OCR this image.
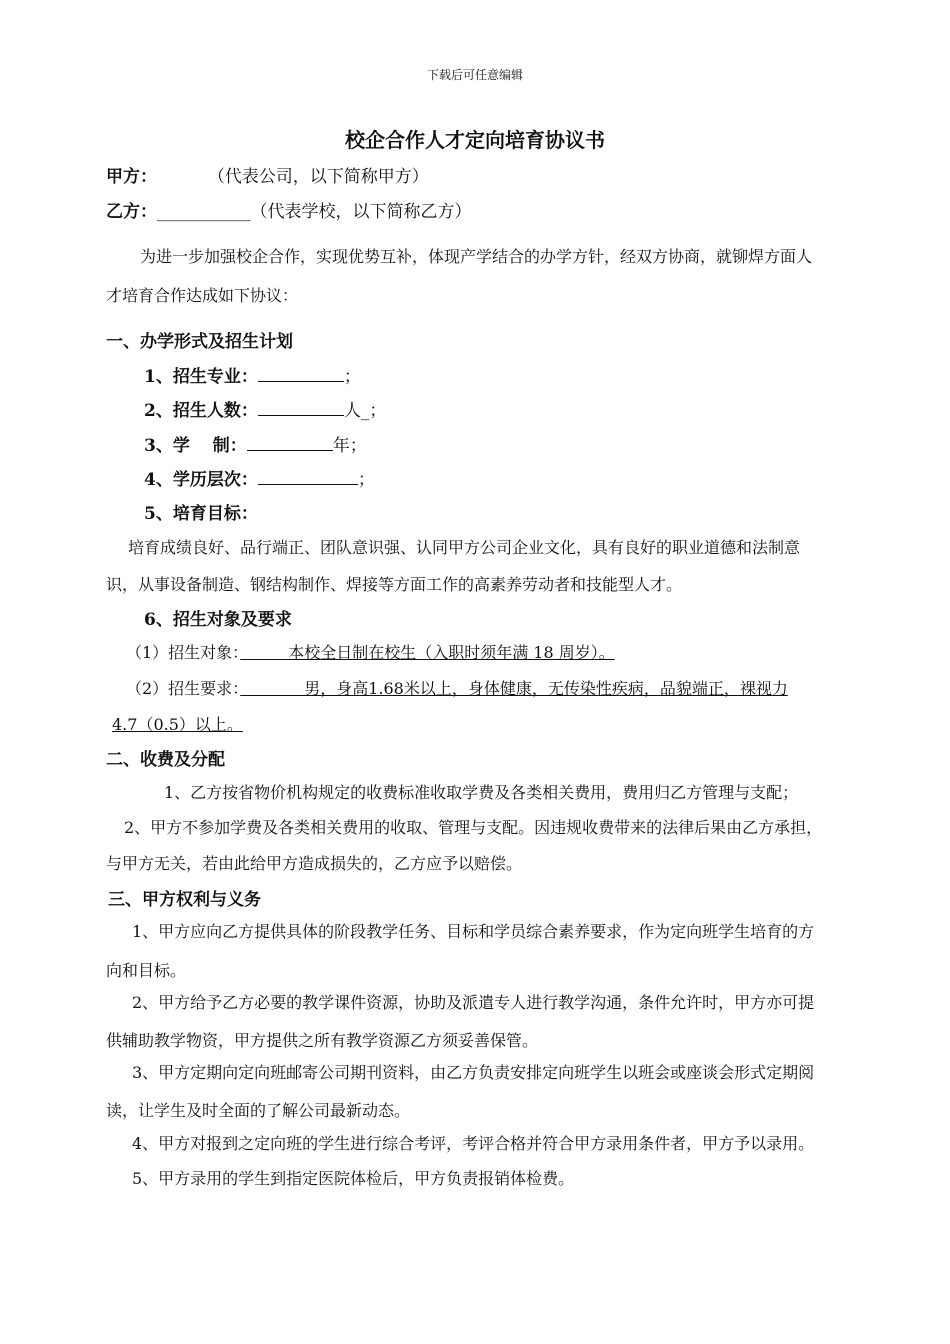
下载后可任意编辑
校企合作人才定向培育协议书
甲方：	（代表公司，以下简称甲方）
乙方：___________（代表学校，以下简称乙方）
为进一步加强校企合作，实现优势互补，体现产学结合的办学方针，经双方协商，就铆焊方面人
才培育合作达成如下协议：
一、办学形式及招生计划
1、招生专业：	；
2、招生人数：	人_；
3、学　 制：	年；
4、学历层次：	；
5、培育目标：
培育成绩良好、品行端正、团队意识强、认同甲方公司企业文化，具有良好的职业道德和法制意
识，从事设备制造、钢结构制作、焊接等方面工作的高素养劳动者和技能型人才。
6、招生对象及要求
（1）招生对象：　　　本校全日制在校生（入职时须年满 18 周岁）。
（2）招生要求：　　　　男，身高1.68米以上，身体健康，无传染性疾病，品貌端正，裸视力
4.7（0.5）以上。
二、收费及分配
1、乙方按省物价机构规定的收费标准收取学费及各类相关费用，费用归乙方管理与支配；
2、甲方不参加学费及各类相关费用的收取、管理与支配。因违规收费带来的法律后果由乙方承担，
与甲方无关，若由此给甲方造成损失的，乙方应予以赔偿。
三、甲方权利与义务
1、甲方应向乙方提供具体的阶段教学任务、目标和学员综合素养要求，作为定向班学生培育的方
向和目标。
2、甲方给予乙方必要的教学课件资源，协助及派遣专人进行教学沟通，条件允许时，甲方亦可提
供辅助教学物资，甲方提供之所有教学资源乙方须妥善保管。
3、甲方定期向定向班邮寄公司期刊资料，由乙方负责安排定向班学生以班会或座谈会形式定期阅
读，让学生及时全面的了解公司最新动态。
4、甲方对报到之定向班的学生进行综合考评，考评合格并符合甲方录用条件者，甲方予以录用。
5、甲方录用的学生到指定医院体检后，甲方负责报销体检费。
